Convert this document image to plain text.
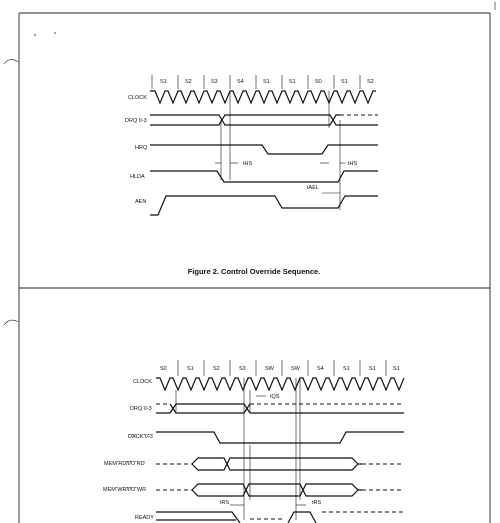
S1	S2	S3	S4	S1	S1	S0	S1	S2
CLOCK
DRQ 0-3
HRQ
HLDA
AEN
tHS	tHS
tAEL
Figure 2. Control Override Sequence.
S0	S1	S2	S3	SW	SW	S4	S1	S1	S1
CLOCK
DRQ 0-3
DACK 0-3
MEM RD/I/O RD
MEM WR/I/O WR
READY
tQS
tRS	tRS
